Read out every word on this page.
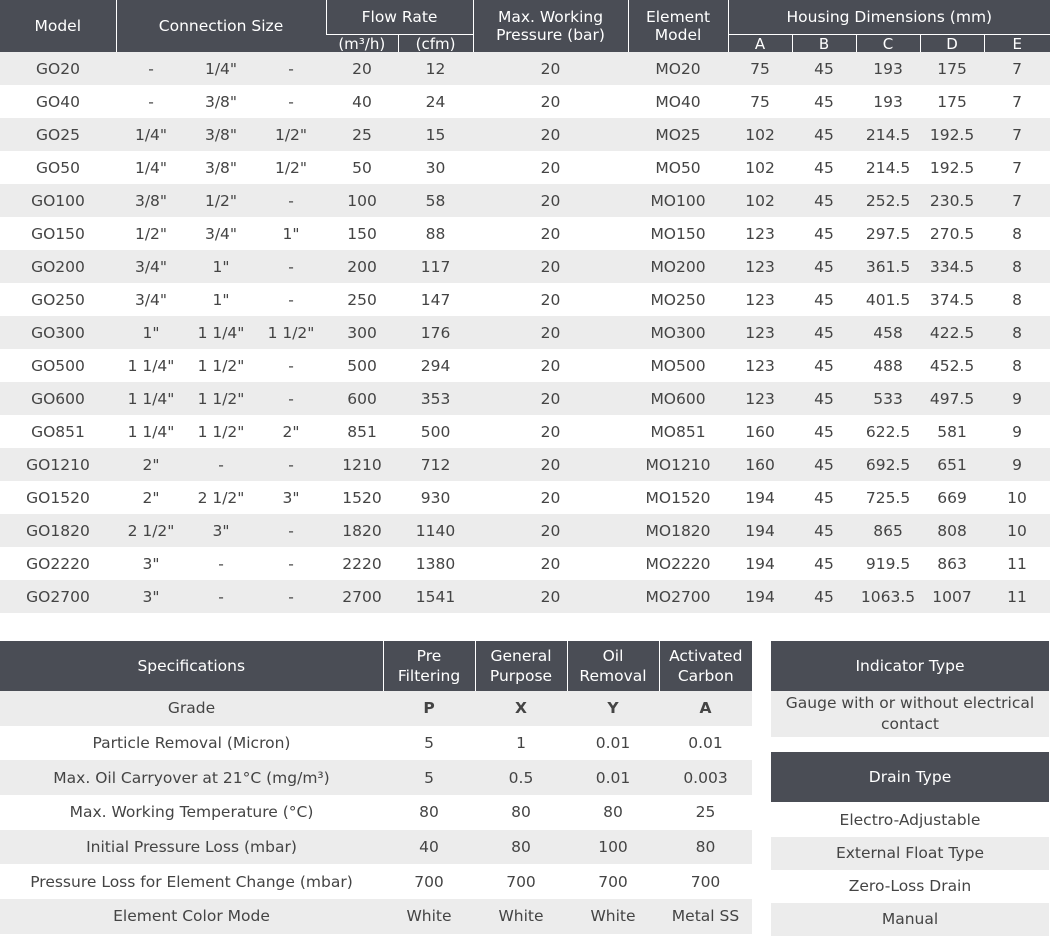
Model	Connection Size			Flow Rate		Max. Working Pressure (bar)	Element Model	Housing Dimensions (mm)				
				(m³/h)	(cfm)			A	B	C	D	E
GO20	-	1/4"	-	20	12	20	MO20	75	45	193	175	7
GO40	-	3/8"	-	40	24	20	MO40	75	45	193	175	7
GO25	1/4"	3/8"	1/2"	25	15	20	MO25	102	45	214.5	192.5	7
GO50	1/4"	3/8"	1/2"	50	30	20	MO50	102	45	214.5	192.5	7
GO100	3/8"	1/2"	-	100	58	20	MO100	102	45	252.5	230.5	7
GO150	1/2"	3/4"	1"	150	88	20	MO150	123	45	297.5	270.5	8
GO200	3/4"	1"	-	200	117	20	MO200	123	45	361.5	334.5	8
GO250	3/4"	1"	-	250	147	20	MO250	123	45	401.5	374.5	8
GO300	1"	1 1/4"	1 1/2"	300	176	20	MO300	123	45	458	422.5	8
GO500	1 1/4"	1 1/2"	-	500	294	20	MO500	123	45	488	452.5	8
GO600	1 1/4"	1 1/2"	-	600	353	20	MO600	123	45	533	497.5	9
GO851	1 1/4"	1 1/2"	2"	851	500	20	MO851	160	45	622.5	581	9
GO1210	2"	-	-	1210	712	20	MO1210	160	45	692.5	651	9
GO1520	2"	2 1/2"	3"	1520	930	20	MO1520	194	45	725.5	669	10
GO1820	2 1/2"	3"	-	1820	1140	20	MO1820	194	45	865	808	10
GO2220	3"	-	-	2220	1380	20	MO2220	194	45	919.5	863	11
GO2700	3"	-	-	2700	1541	20	MO2700	194	45	1063.5	1007	11
Specifications	Pre Filtering	General Purpose	Oil Removal	Activated Carbon
Grade	P	X	Y	A
Particle Removal (Micron)	5	1	0.01	0.01
Max. Oil Carryover at 21°C (mg/m³)	5	0.5	0.01	0.003
Max. Working Temperature (°C)	80	80	80	25
Initial Pressure Loss (mbar)	40	80	100	80
Pressure Loss for Element Change (mbar)	700	700	700	700
Element Color Mode	White	White	White	Metal SS
Indicator Type
Gauge with or without electrical contact
Drain Type
Electro-Adjustable
External Float Type
Zero-Loss Drain
Manual
